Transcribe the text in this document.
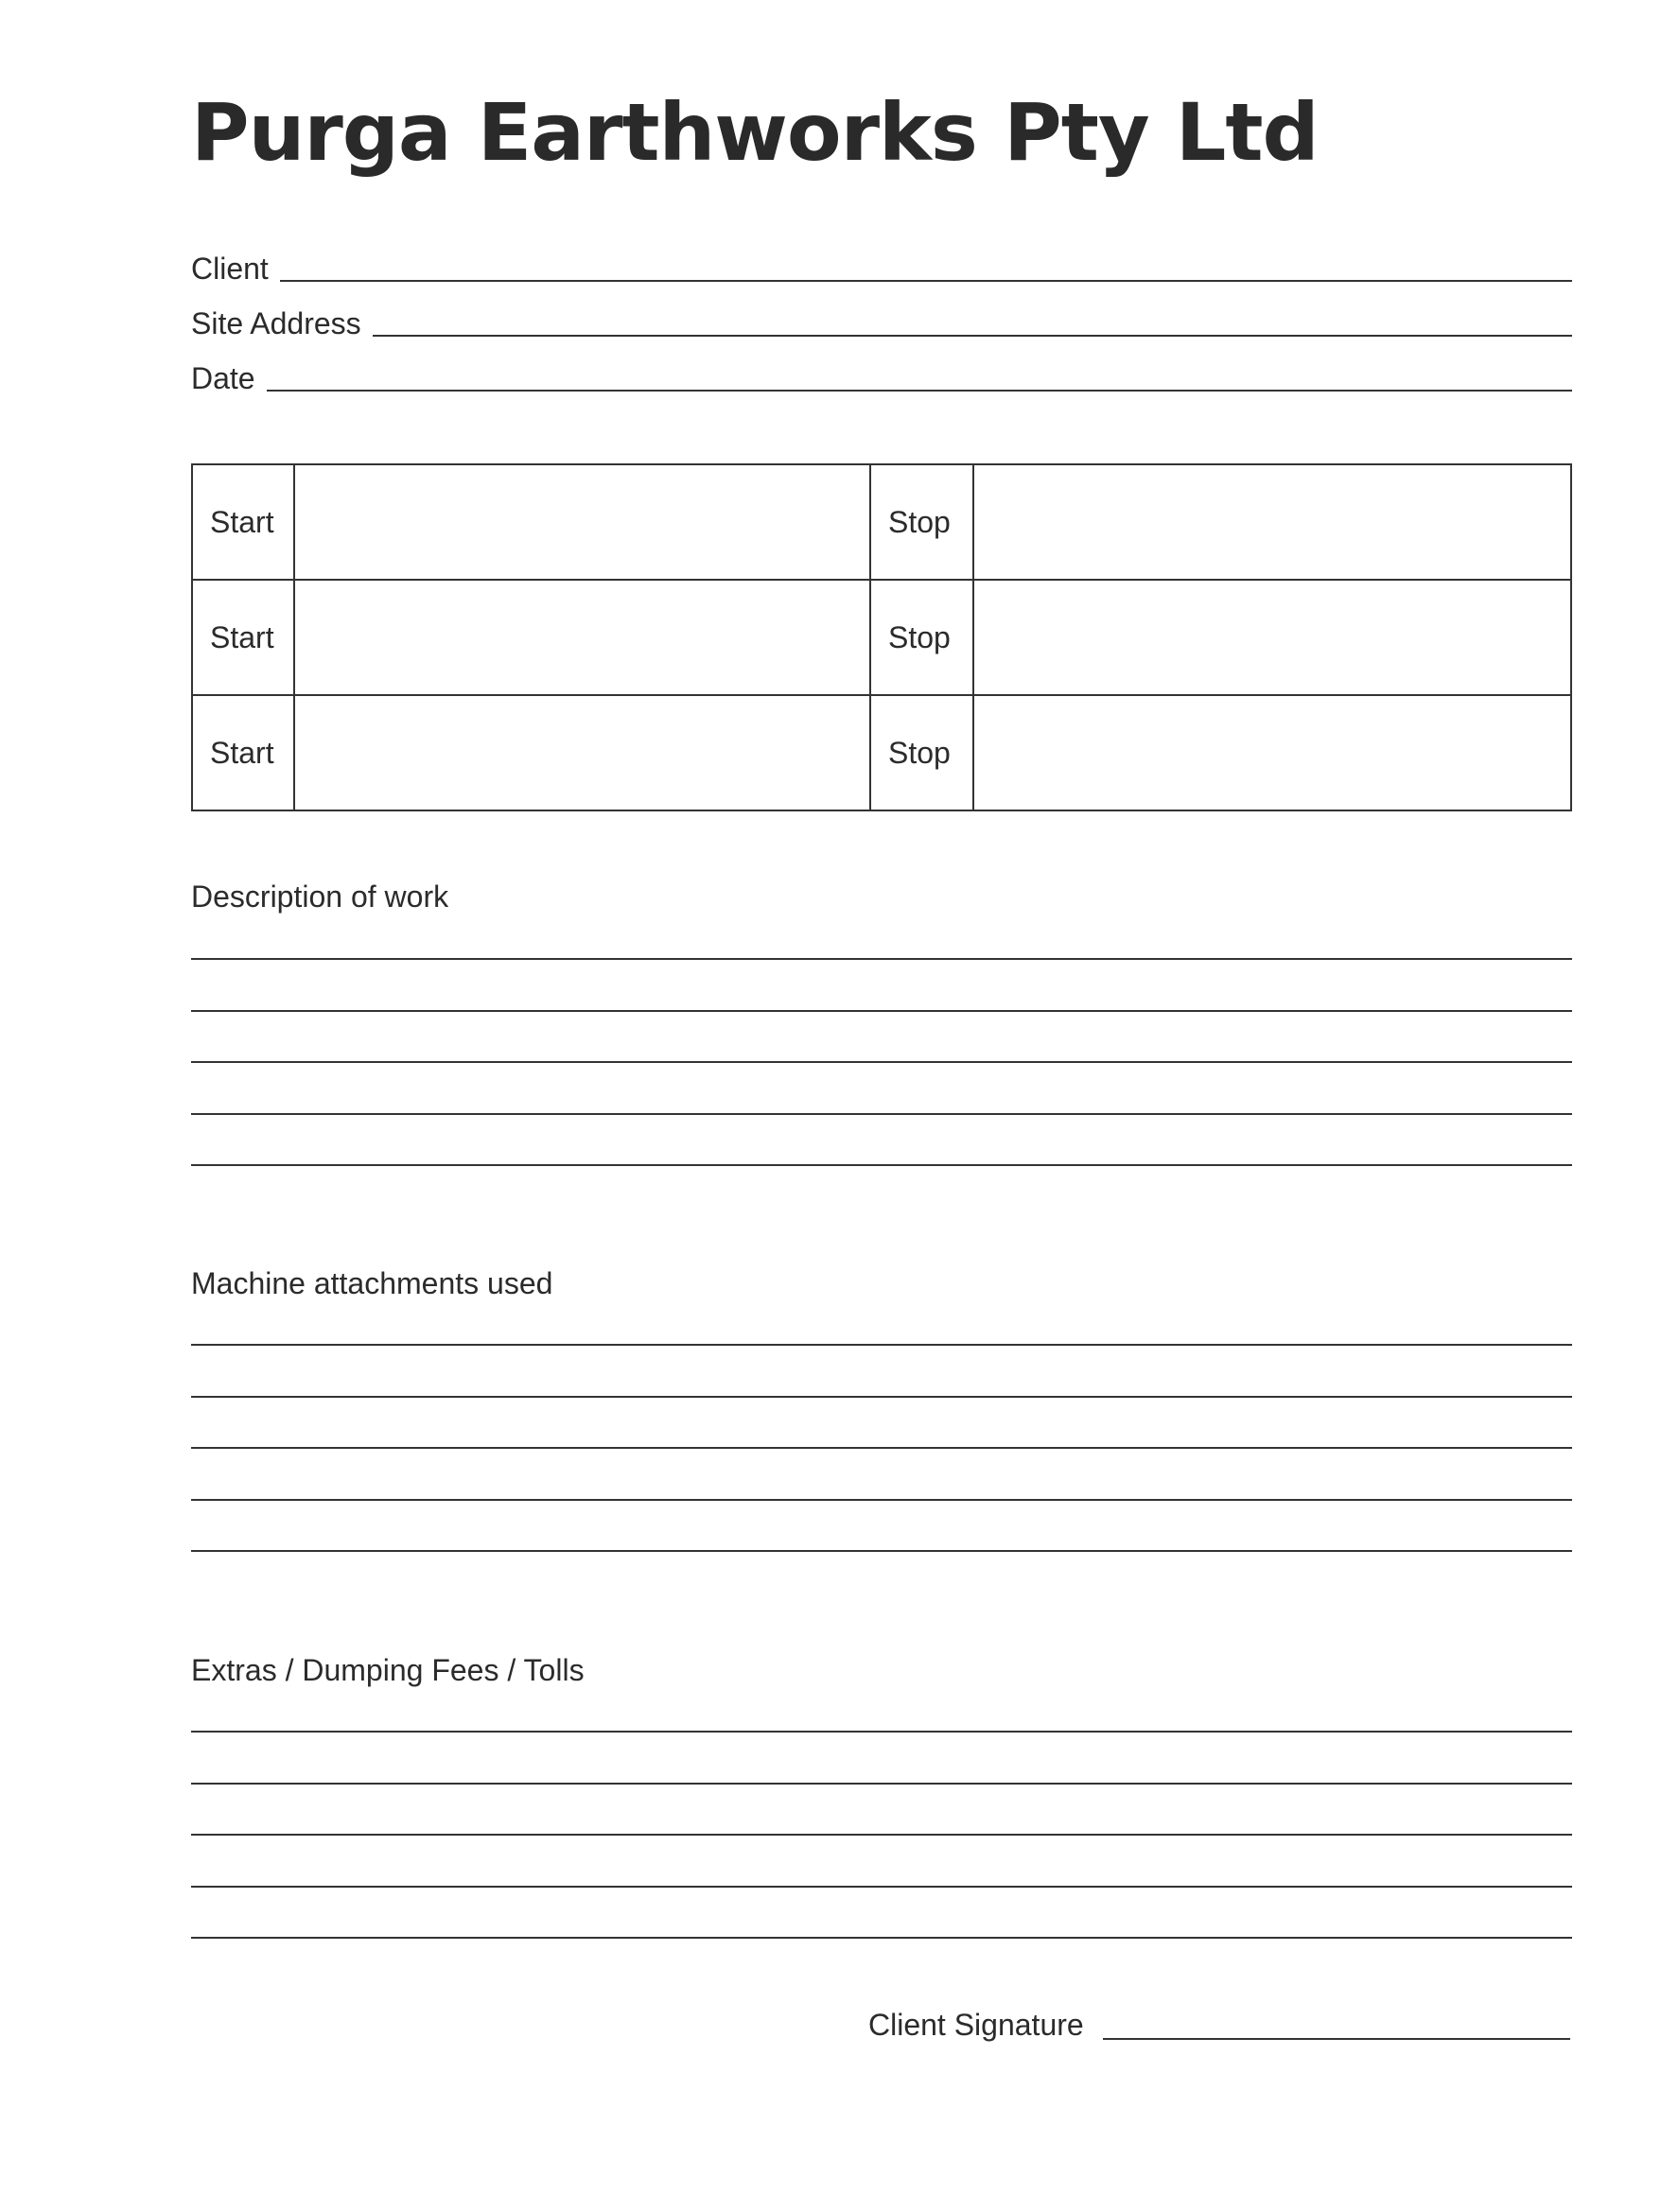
Purga Earthworks Pty Ltd
Client
Site Address
Date
Start		Stop	
Start		Stop	
Start		Stop	
Description of work
Machine attachments used
Extras / Dumping Fees / Tolls
Client Signature
